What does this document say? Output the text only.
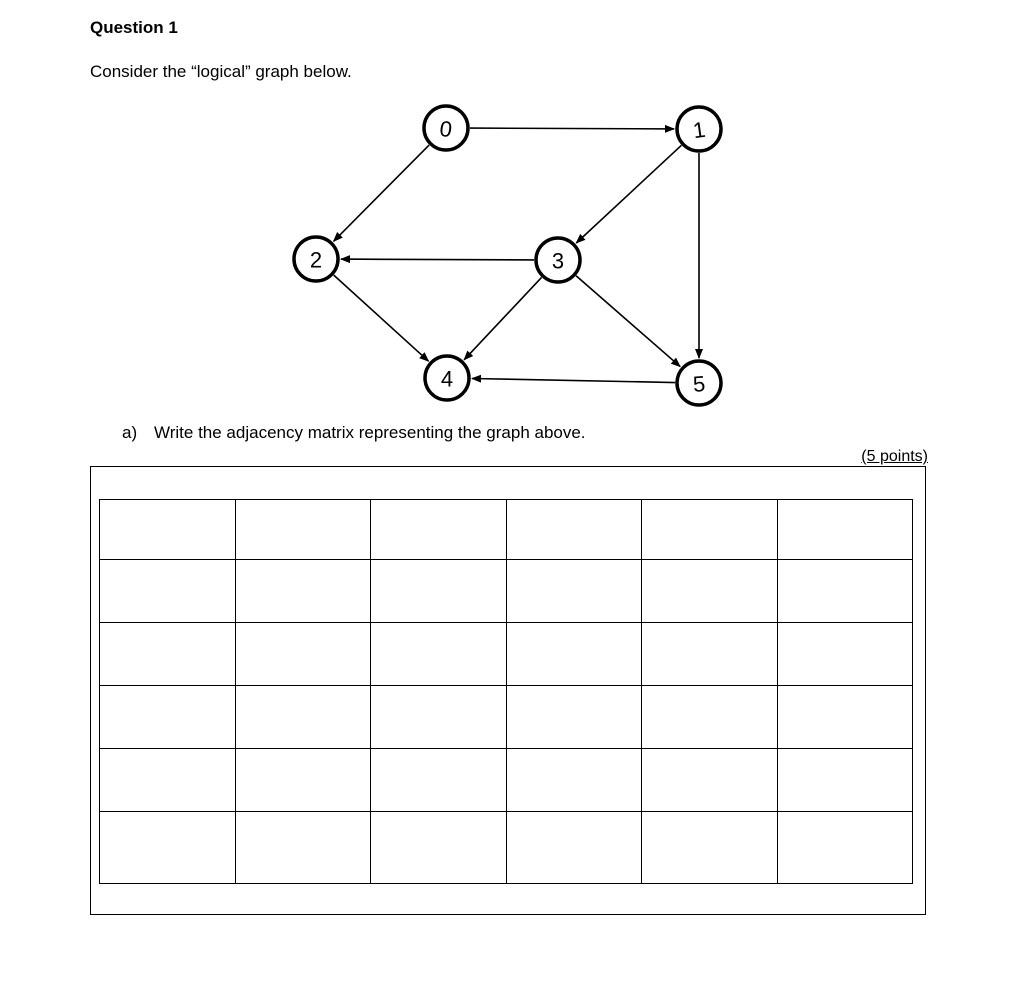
Question 1

Consider the “logical” graph below.

0	1
2	3
4	5

a) Write the adjacency matrix representing the graph above.

(5 points)
